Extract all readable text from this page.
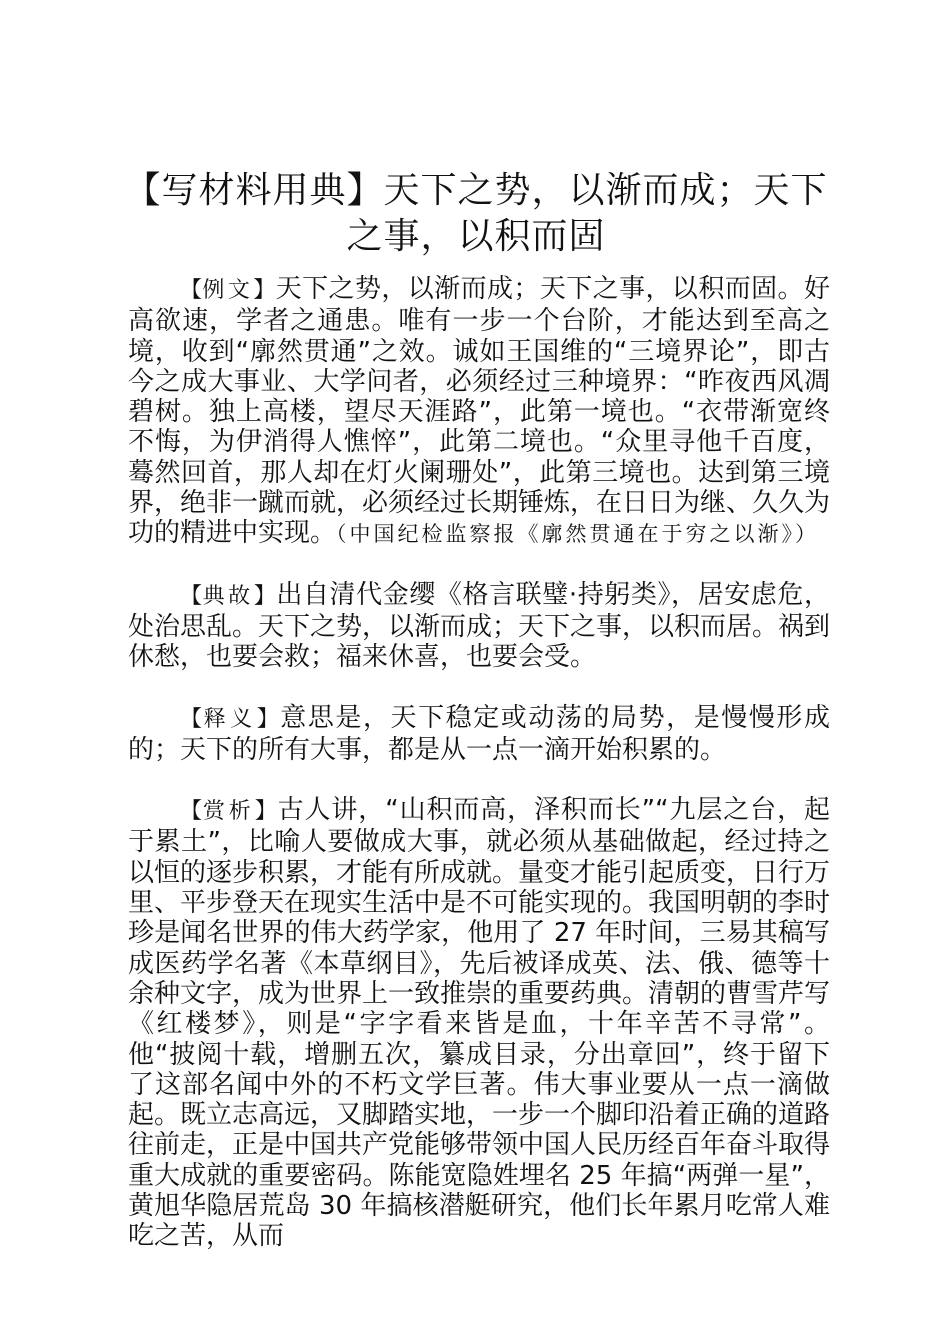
【写材料用典】天下之势，以渐而成；天下之事，以积而固

【例文】天下之势，以渐而成；天下之事，以积而固。好高欲速，学者之通患。唯有一步一个台阶，才能达到至高之境，收到“廓然贯通”之效。诚如王国维的“三境界论”，即古今之成大事业、大学问者，必须经过三种境界：“昨夜西风凋碧树。独上高楼，望尽天涯路”，此第一境也。“衣带渐宽终不悔，为伊消得人憔悴”，此第二境也。“众里寻他千百度，蓦然回首，那人却在灯火阑珊处”，此第三境也。达到第三境界，绝非一蹴而就，必须经过长期锤炼，在日日为继、久久为功的精进中实现。（中国纪检监察报《廓然贯通在于穷之以渐》）

【典故】出自清代金缨《格言联璧·持躬类》，居安虑危，处治思乱。天下之势，以渐而成；天下之事，以积而居。祸到休愁，也要会救；福来休喜，也要会受。

【释义】意思是，天下稳定或动荡的局势，是慢慢形成的；天下的所有大事，都是从一点一滴开始积累的。

【赏析】古人讲，“山积而高，泽积而长”“九层之台，起于累土”，比喻人要做成大事，就必须从基础做起，经过持之以恒的逐步积累，才能有所成就。量变才能引起质变，日行万里、平步登天在现实生活中是不可能实现的。我国明朝的李时珍是闻名世界的伟大药学家，他用了 27 年时间，三易其稿写成医药学名著《本草纲目》，先后被译成英、法、俄、德等十余种文字，成为世界上一致推崇的重要药典。清朝的曹雪芹写《红楼梦》，则是“字字看来皆是血，十年辛苦不寻常”。他“披阅十载，增删五次，纂成目录，分出章回”，终于留下了这部名闻中外的不朽文学巨著。伟大事业要从一点一滴做起。既立志高远，又脚踏实地，一步一个脚印沿着正确的道路往前走，正是中国共产党能够带领中国人民历经百年奋斗取得重大成就的重要密码。陈能宽隐姓埋名 25 年搞“两弹一星”，黄旭华隐居荒岛 30 年搞核潜艇研究，他们长年累月吃常人难吃之苦，从而
